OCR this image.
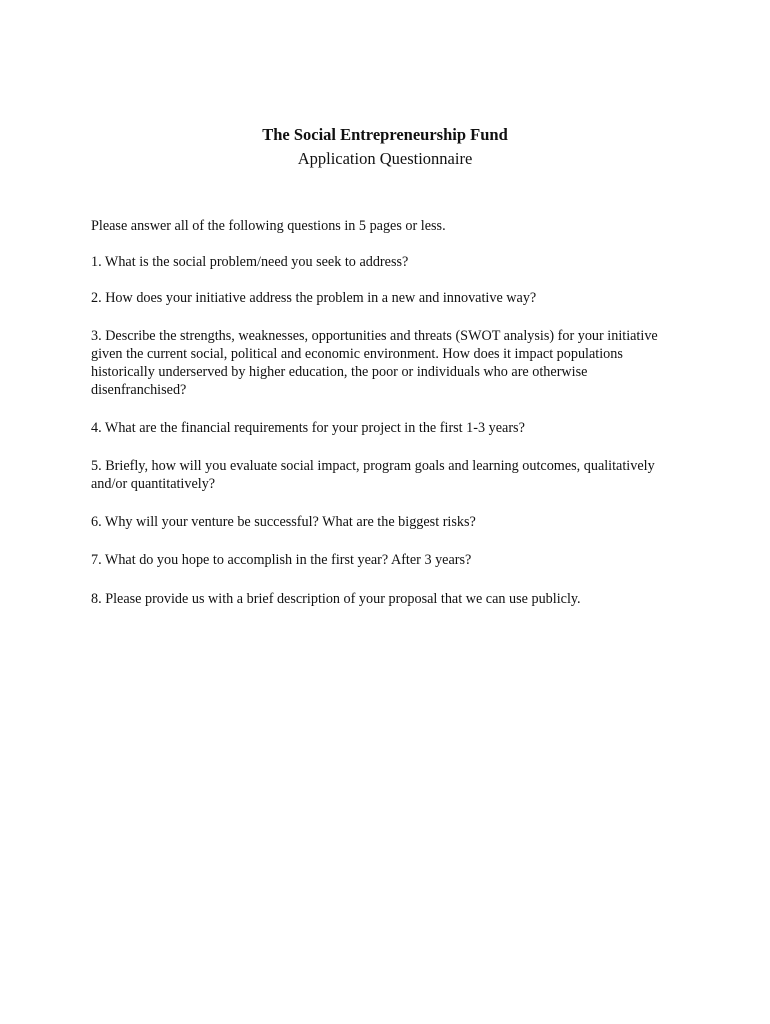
The Social Entrepreneurship Fund
Application Questionnaire
Please answer all of the following questions in 5 pages or less.
1. What is the social problem/need you seek to address?
2. How does your initiative address the problem in a new and innovative way?
3. Describe the strengths, weaknesses, opportunities and threats (SWOT analysis) for your initiative given the current social, political and economic environment. How does it impact populations historically underserved by higher education, the poor or individuals who are otherwise disenfranchised?
4. What are the financial requirements for your project in the first 1-3 years?
5. Briefly, how will you evaluate social impact, program goals and learning outcomes, qualitatively and/or quantitatively?
6. Why will your venture be successful? What are the biggest risks?
7. What do you hope to accomplish in the first year? After 3 years?
8. Please provide us with a brief description of your proposal that we can use publicly.
